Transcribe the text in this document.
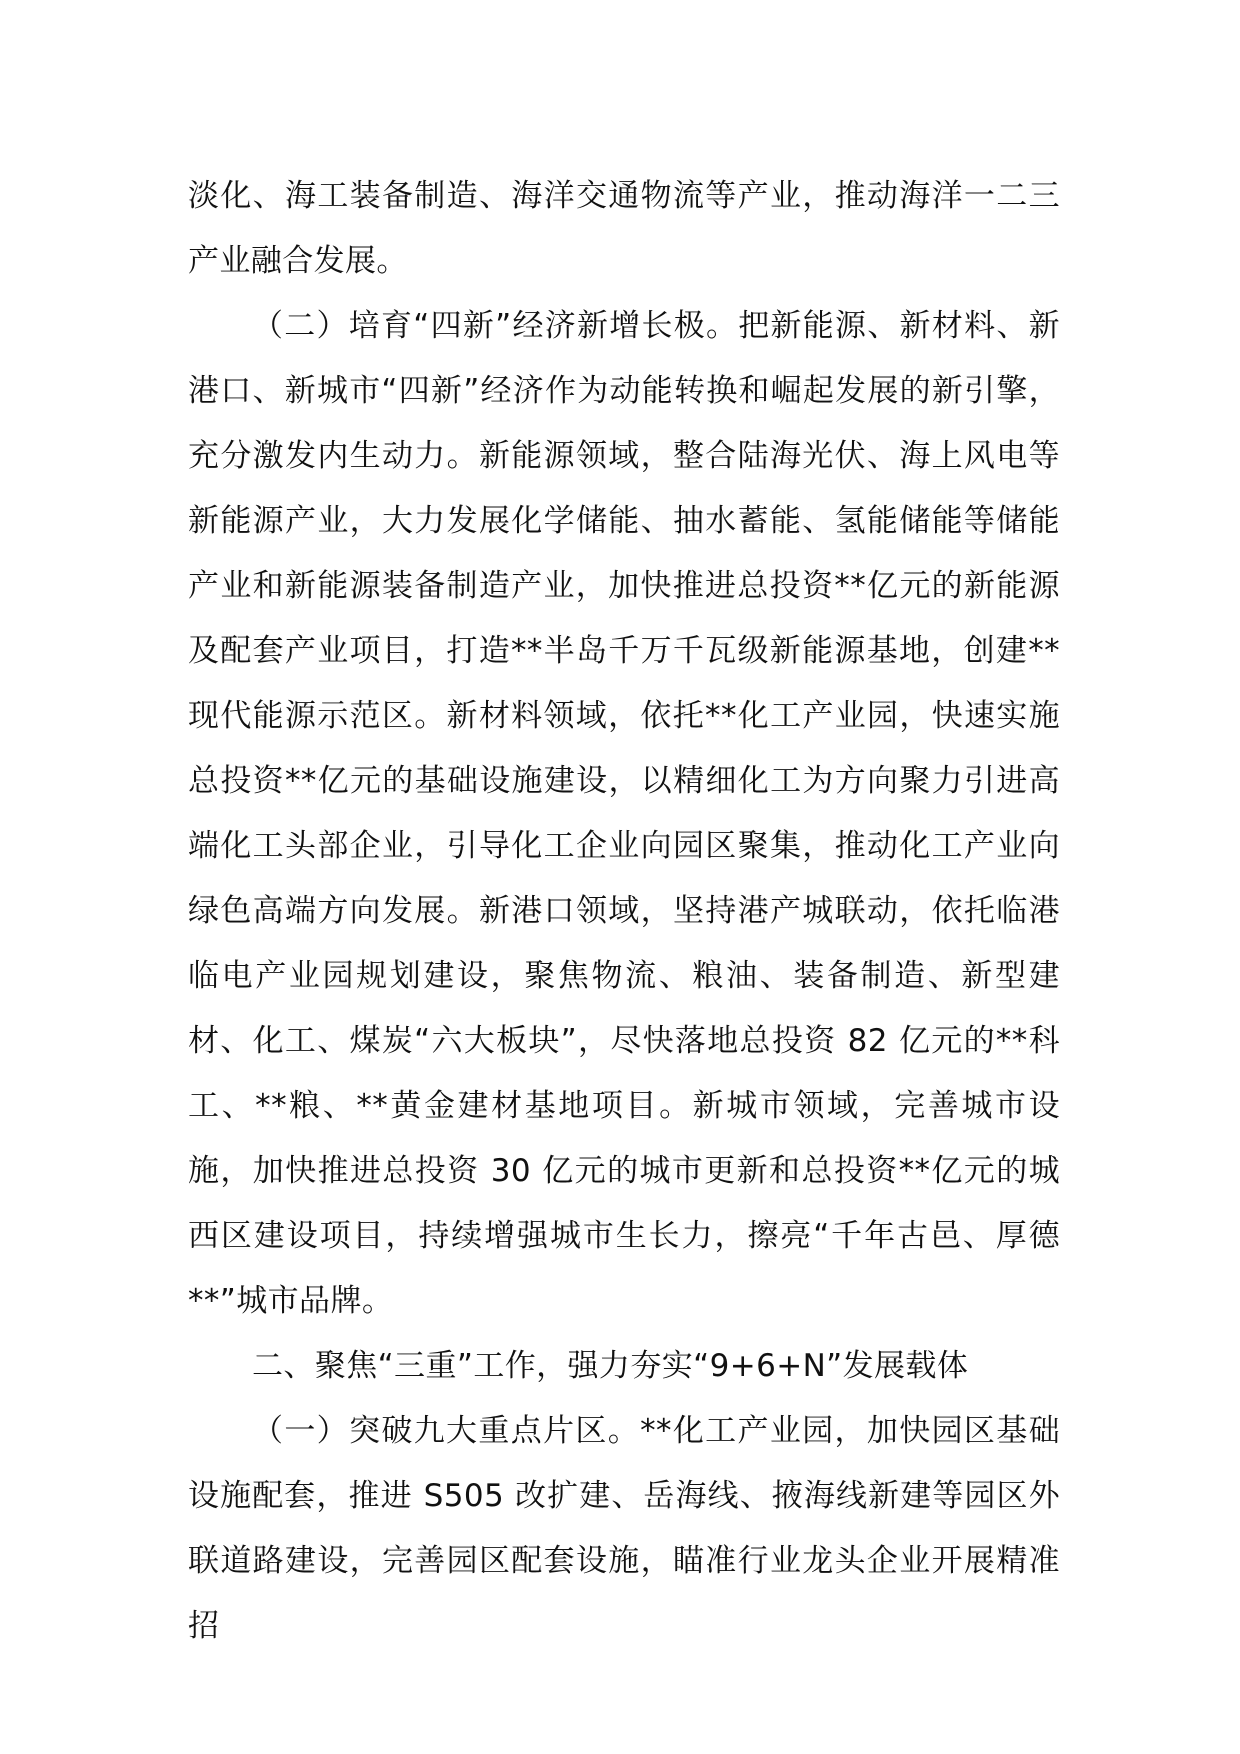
淡化、海工装备制造、海洋交通物流等产业，推动海洋一二三产业融合发展。

（二）培育“四新”经济新增长极。把新能源、新材料、新港口、新城市“四新”经济作为动能转换和崛起发展的新引擎，充分激发内生动力。新能源领域，整合陆海光伏、海上风电等新能源产业，大力发展化学储能、抽水蓄能、氢能储能等储能产业和新能源装备制造产业，加快推进总投资**亿元的新能源及配套产业项目，打造**半岛千万千瓦级新能源基地，创建**现代能源示范区。新材料领域，依托**化工产业园，快速实施总投资**亿元的基础设施建设，以精细化工为方向聚力引进高端化工头部企业，引导化工企业向园区聚集，推动化工产业向绿色高端方向发展。新港口领域，坚持港产城联动，依托临港临电产业园规划建设，聚焦物流、粮油、装备制造、新型建材、化工、煤炭“六大板块”，尽快落地总投资 82 亿元的**科工、**粮、**黄金建材基地项目。新城市领域，完善城市设施，加快推进总投资 30 亿元的城市更新和总投资**亿元的城西区建设项目，持续增强城市生长力，擦亮“千年古邑、厚德**”城市品牌。

二、聚焦“三重”工作，强力夯实“9+6+N”发展载体

（一）突破九大重点片区。**化工产业园，加快园区基础设施配套，推进 S505 改扩建、岳海线、掖海线新建等园区外联道路建设，完善园区配套设施，瞄准行业龙头企业开展精准招
